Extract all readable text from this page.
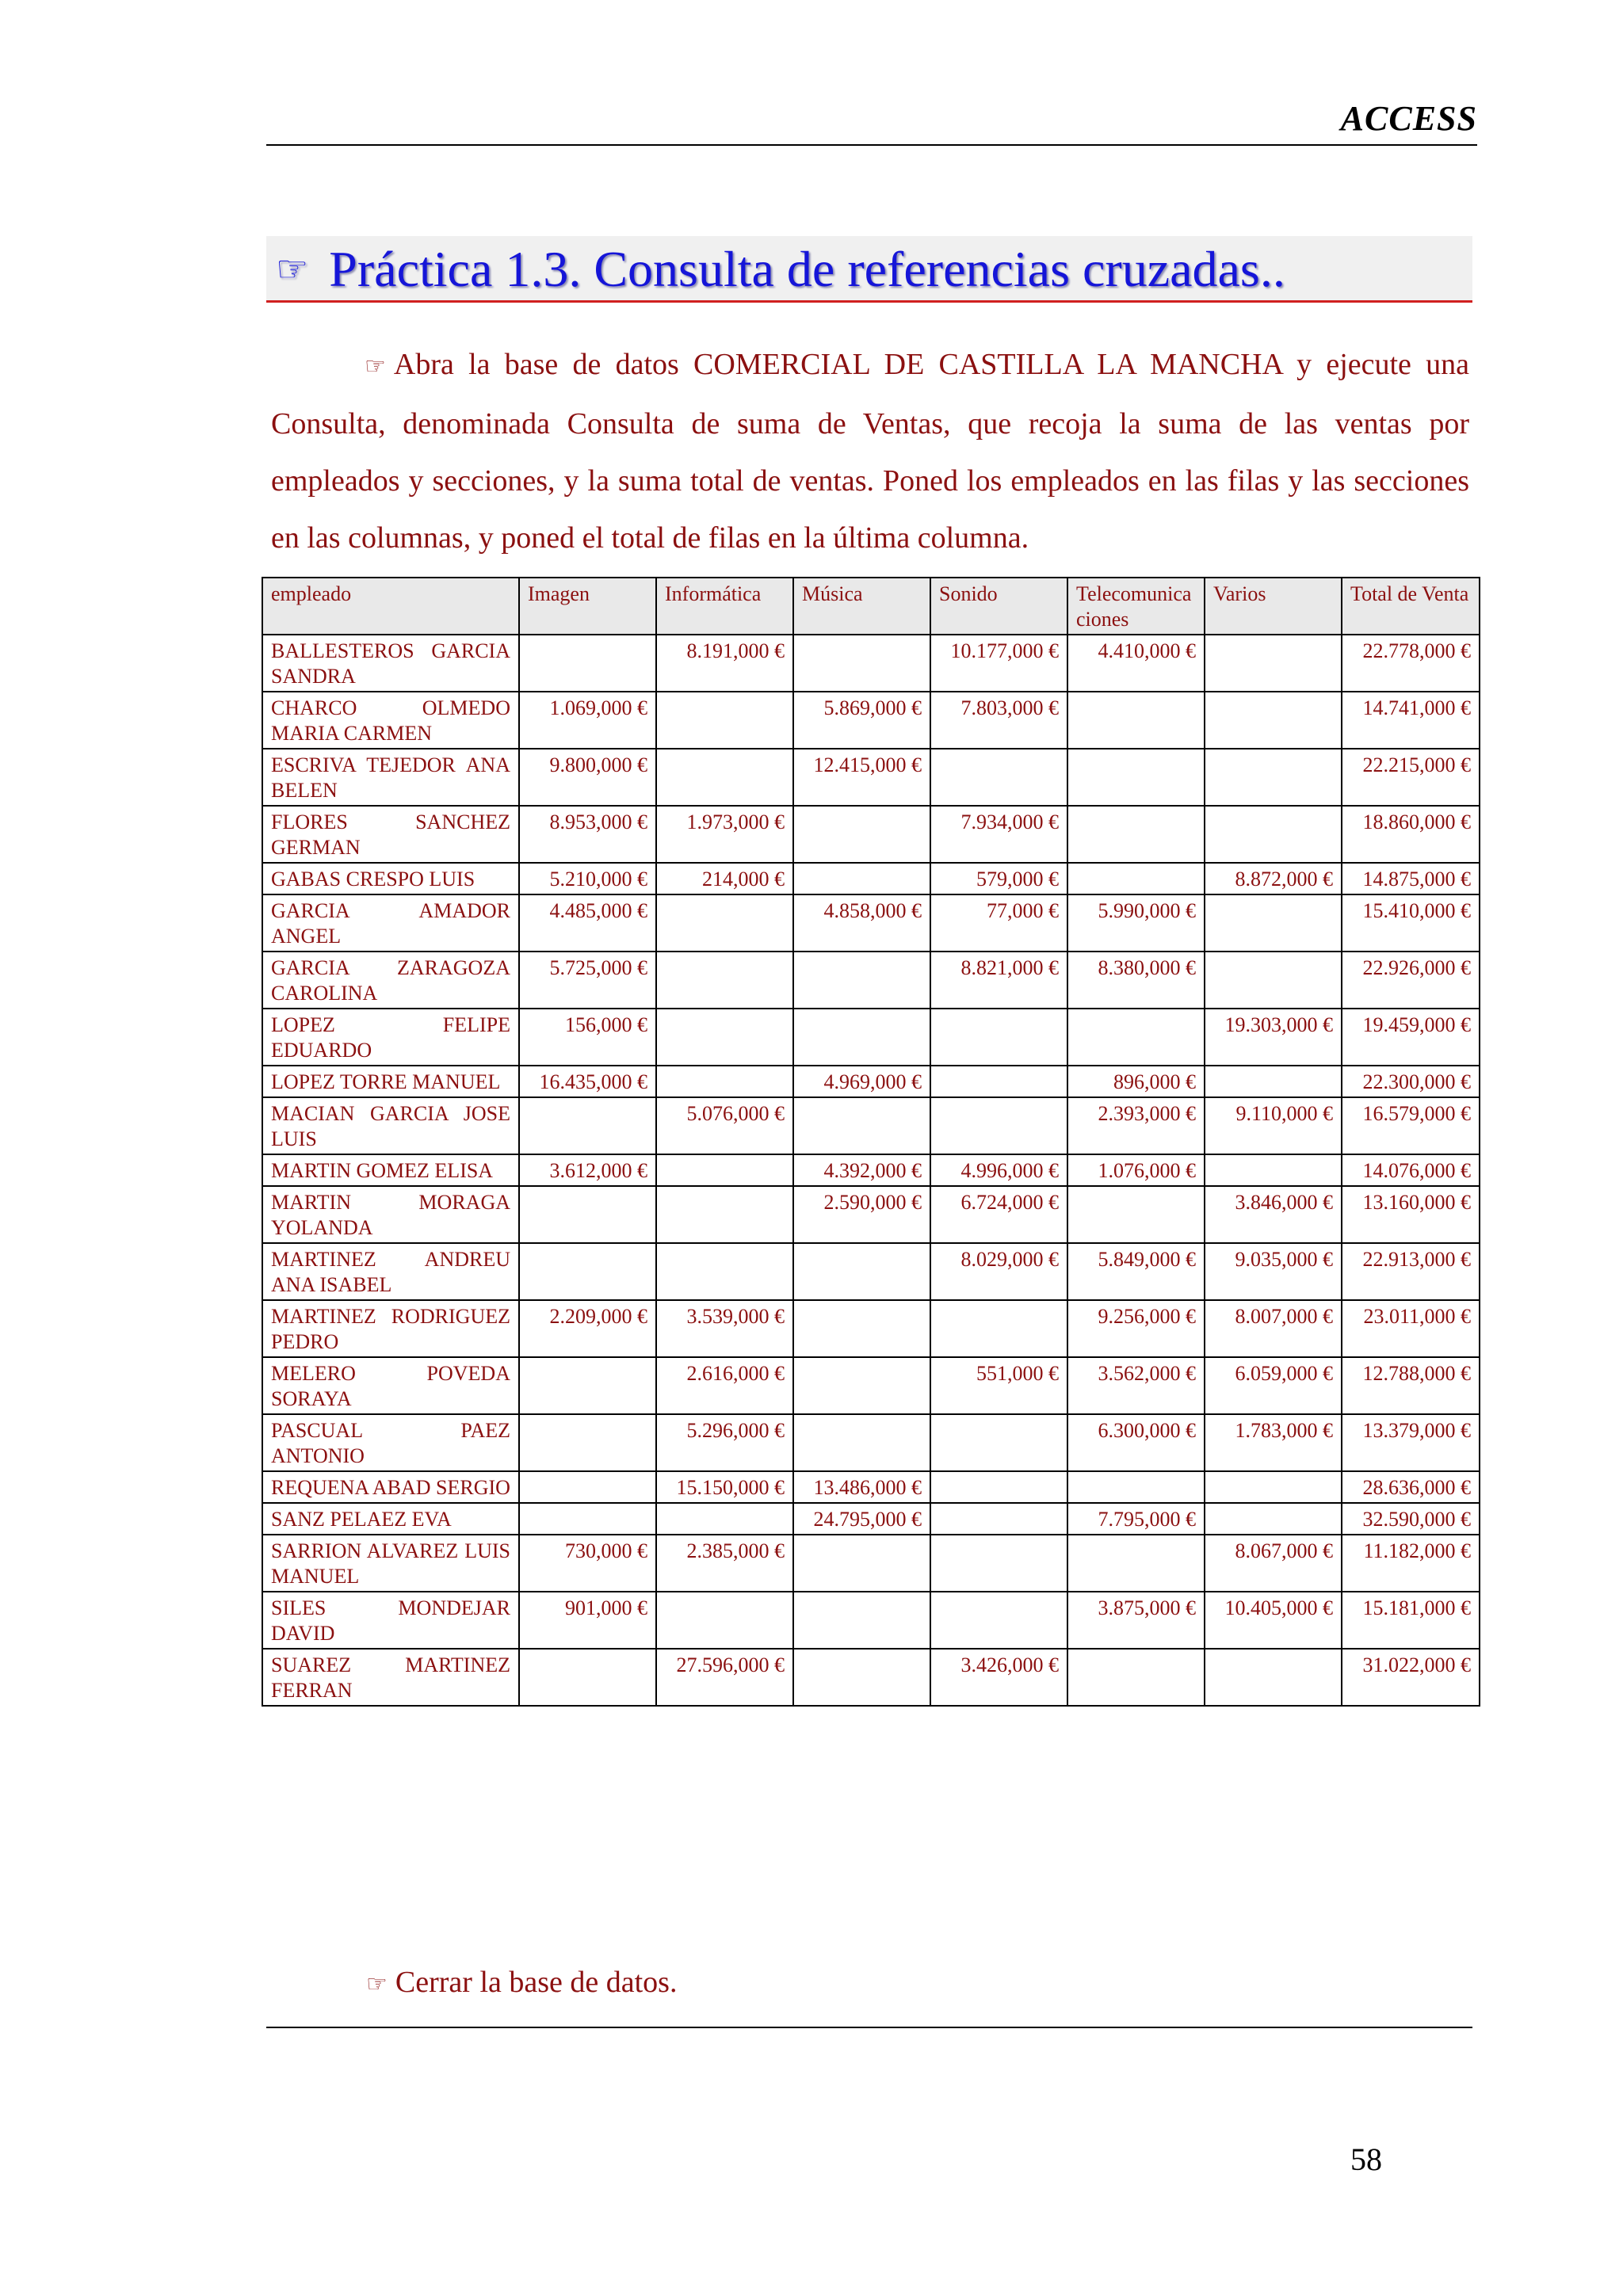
ACCESS
☞ Práctica 1.3. Consulta de referencias cruzadas..
☞ Abra la base de datos COMERCIAL DE CASTILLA LA MANCHA y ejecute una Consulta, denominada Consulta de suma de Ventas, que recoja la suma de las ventas por empleados y secciones, y la suma total de ventas. Poned los empleados en las filas y las secciones en las columnas, y poned el total de filas en la última columna.
empleado	Imagen	Informática	Música	Sonido	Telecomunicaciones	Varios	Total de Venta
BALLESTEROS GARCIA SANDRA		8.191,000 €		10.177,000 €	4.410,000 €		22.778,000 €
CHARCO OLMEDO MARIA CARMEN	1.069,000 €		5.869,000 €	7.803,000 €			14.741,000 €
ESCRIVA TEJEDOR ANA BELEN	9.800,000 €		12.415,000 €				22.215,000 €
FLORES SANCHEZ GERMAN	8.953,000 €	1.973,000 €		7.934,000 €			18.860,000 €
GABAS CRESPO LUIS	5.210,000 €	214,000 €		579,000 €		8.872,000 €	14.875,000 €
GARCIA AMADOR ANGEL	4.485,000 €		4.858,000 €	77,000 €	5.990,000 €		15.410,000 €
GARCIA ZARAGOZA CAROLINA	5.725,000 €			8.821,000 €	8.380,000 €		22.926,000 €
LOPEZ FELIPE EDUARDO	156,000 €					19.303,000 €	19.459,000 €
LOPEZ TORRE MANUEL	16.435,000 €		4.969,000 €		896,000 €		22.300,000 €
MACIAN GARCIA JOSE LUIS		5.076,000 €			2.393,000 €	9.110,000 €	16.579,000 €
MARTIN GOMEZ ELISA	3.612,000 €		4.392,000 €	4.996,000 €	1.076,000 €		14.076,000 €
MARTIN MORAGA YOLANDA			2.590,000 €	6.724,000 €		3.846,000 €	13.160,000 €
MARTINEZ ANDREU ANA ISABEL				8.029,000 €	5.849,000 €	9.035,000 €	22.913,000 €
MARTINEZ RODRIGUEZ PEDRO	2.209,000 €	3.539,000 €			9.256,000 €	8.007,000 €	23.011,000 €
MELERO POVEDA SORAYA		2.616,000 €		551,000 €	3.562,000 €	6.059,000 €	12.788,000 €
PASCUAL PAEZ ANTONIO		5.296,000 €			6.300,000 €	1.783,000 €	13.379,000 €
REQUENA ABAD SERGIO		15.150,000 €	13.486,000 €				28.636,000 €
SANZ PELAEZ EVA			24.795,000 €		7.795,000 €		32.590,000 €
SARRION ALVAREZ LUIS MANUEL	730,000 €	2.385,000 €				8.067,000 €	11.182,000 €
SILES MONDEJAR DAVID	901,000 €				3.875,000 €	10.405,000 €	15.181,000 €
SUAREZ MARTINEZ FERRAN		27.596,000 €		3.426,000 €			31.022,000 €
☞ Cerrar la base de datos.
58
